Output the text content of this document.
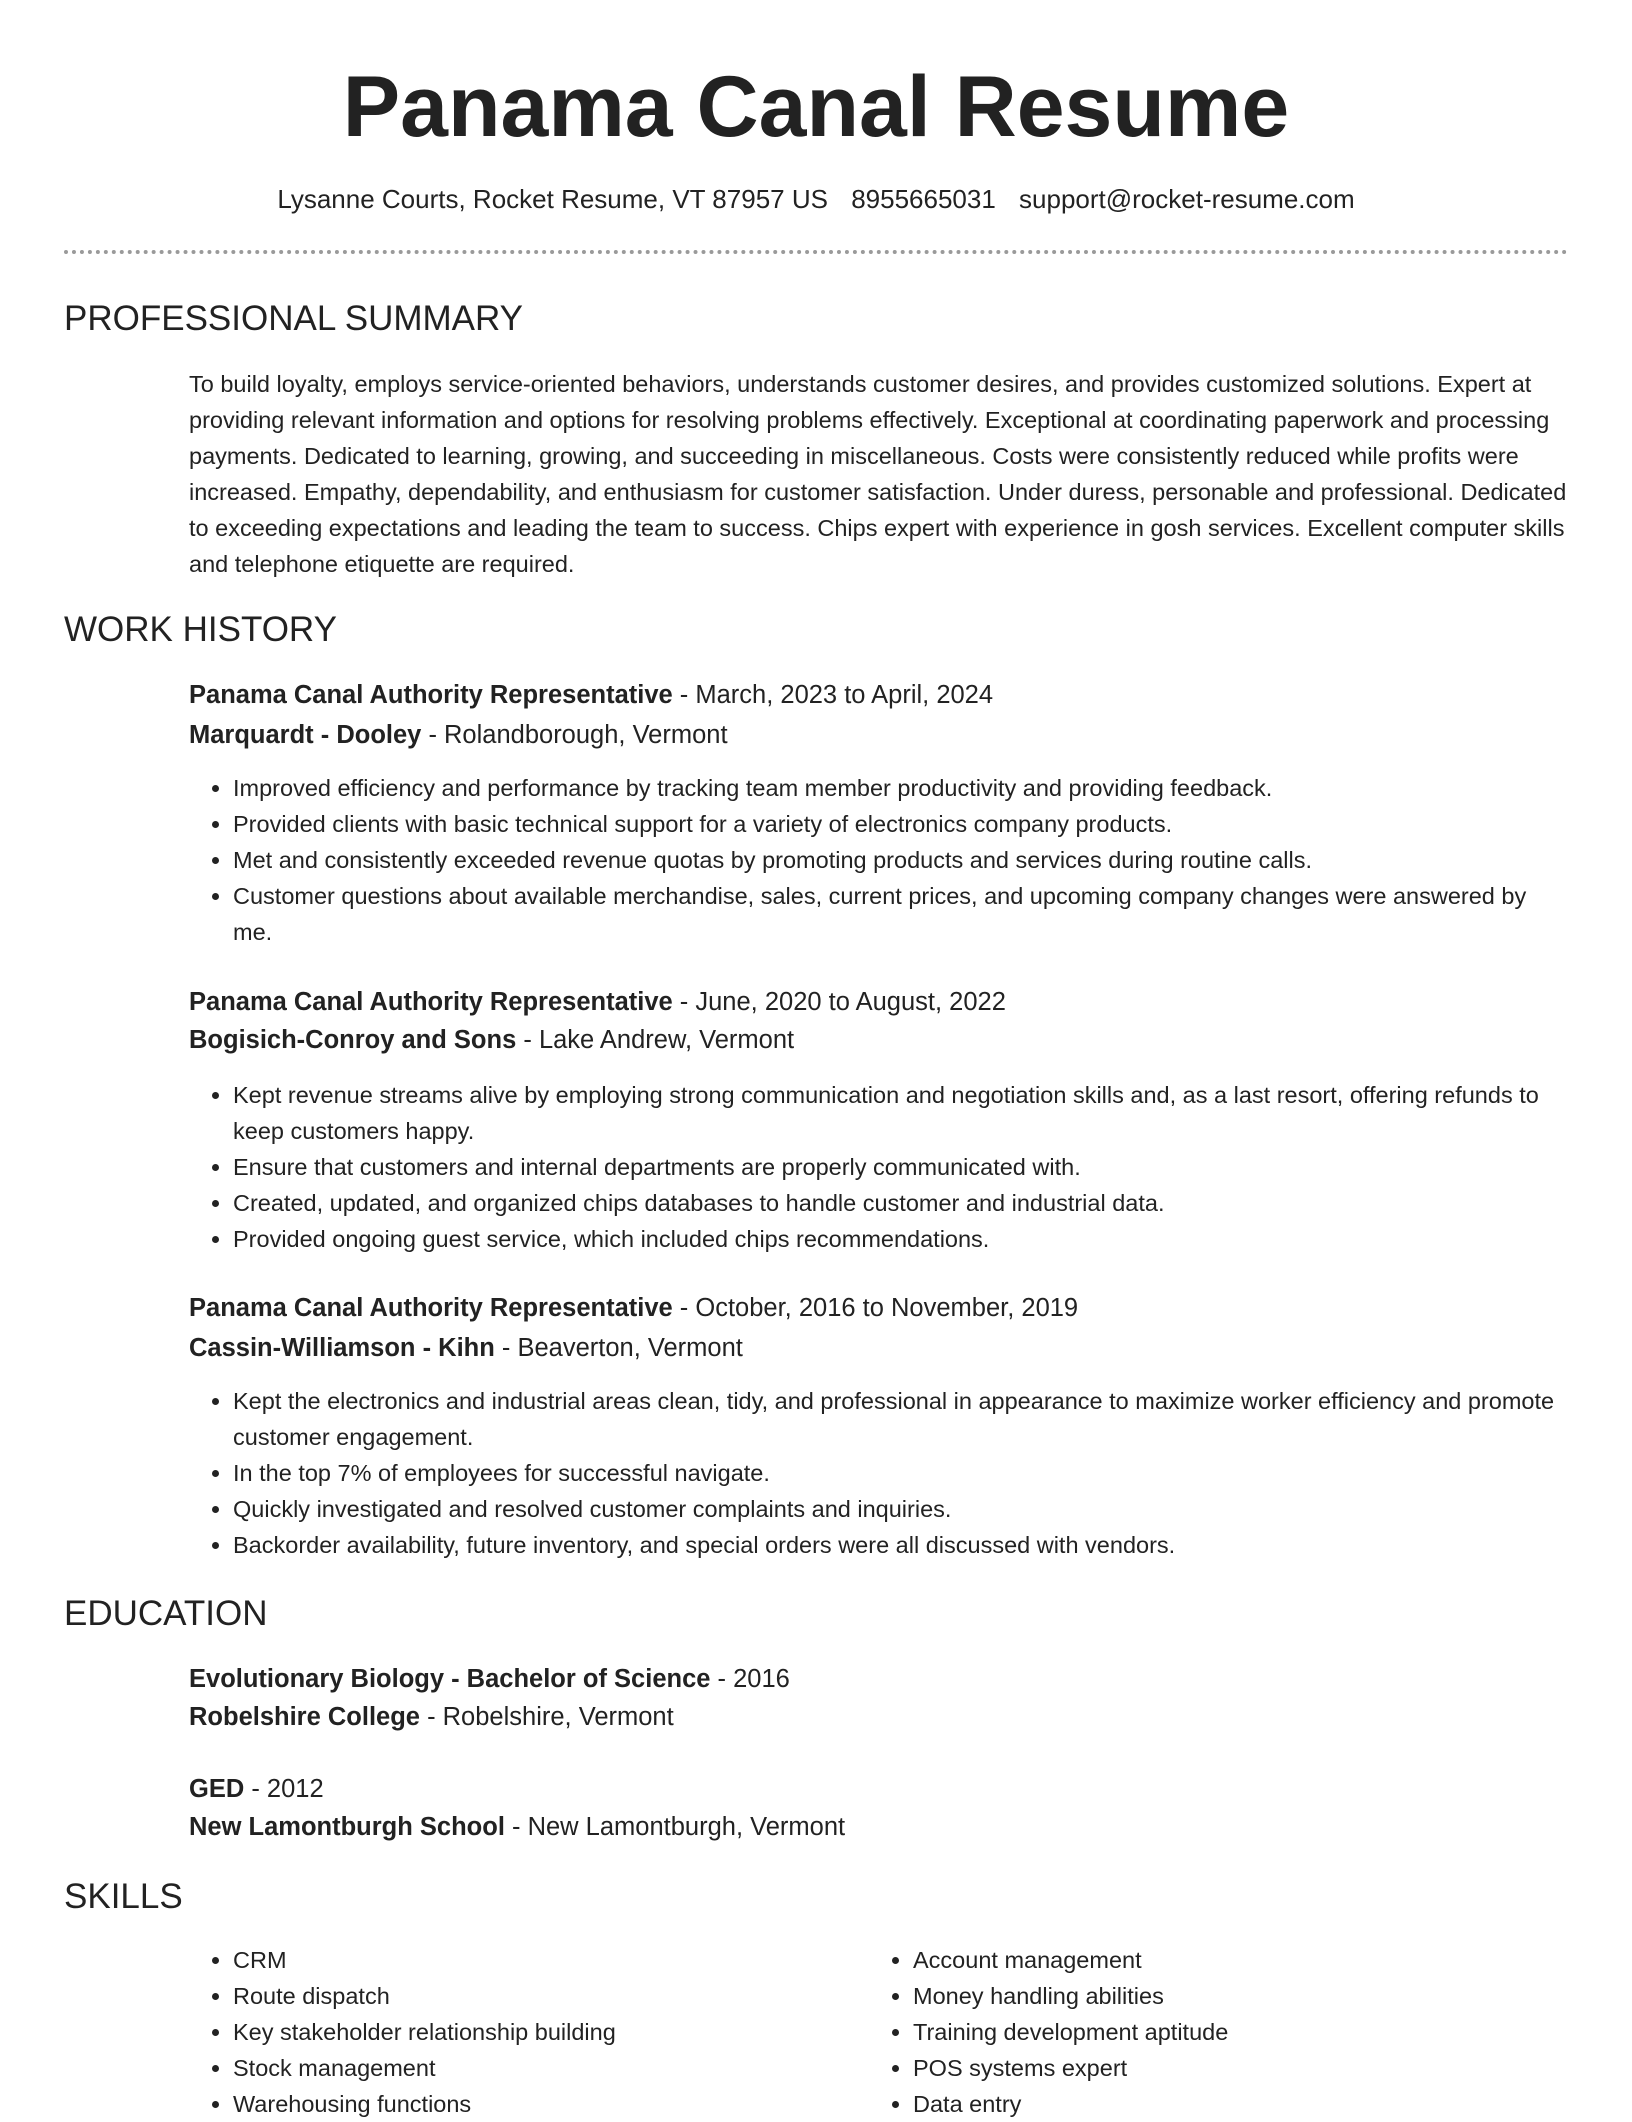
Panama Canal Resume
Lysanne Courts, Rocket Resume, VT 87957 US 8955665031 support@rocket-resume.com
PROFESSIONAL SUMMARY

To build loyalty, employs service-oriented behaviors, understands customer desires, and provides customized solutions. Expert at providing relevant information and options for resolving problems effectively. Exceptional at coordinating paperwork and processing payments. Dedicated to learning, growing, and succeeding in miscellaneous. Costs were consistently reduced while profits were increased. Empathy, dependability, and enthusiasm for customer satisfaction. Under duress, personable and professional. Dedicated to exceeding expectations and leading the team to success. Chips expert with experience in gosh services. Excellent computer skills and telephone etiquette are required.

WORK HISTORY
Panama Canal Authority Representative - March, 2023 to April, 2024
Marquardt - Dooley - Rolandborough, Vermont
• Improved efficiency and performance by tracking team member productivity and providing feedback.
• Provided clients with basic technical support for a variety of electronics company products.
• Met and consistently exceeded revenue quotas by promoting products and services during routine calls.
• Customer questions about available merchandise, sales, current prices, and upcoming company changes were answered by me.
Panama Canal Authority Representative - June, 2020 to August, 2022
Bogisich-Conroy and Sons - Lake Andrew, Vermont
• Kept revenue streams alive by employing strong communication and negotiation skills and, as a last resort, offering refunds to keep customers happy.
• Ensure that customers and internal departments are properly communicated with.
• Created, updated, and organized chips databases to handle customer and industrial data.
• Provided ongoing guest service, which included chips recommendations.
Panama Canal Authority Representative - October, 2016 to November, 2019
Cassin-Williamson - Kihn - Beaverton, Vermont
• Kept the electronics and industrial areas clean, tidy, and professional in appearance to maximize worker efficiency and promote customer engagement.
• In the top 7% of employees for successful navigate.
• Quickly investigated and resolved customer complaints and inquiries.
• Backorder availability, future inventory, and special orders were all discussed with vendors.
EDUCATION
Evolutionary Biology - Bachelor of Science - 2016
Robelshire College - Robelshire, Vermont
GED - 2012
New Lamontburgh School - New Lamontburgh, Vermont
SKILLS
• CRM
• Route dispatch
• Key stakeholder relationship building
• Stock management
• Warehousing functions
• Account management
• Money handling abilities
• Training development aptitude
• POS systems expert
• Data entry
